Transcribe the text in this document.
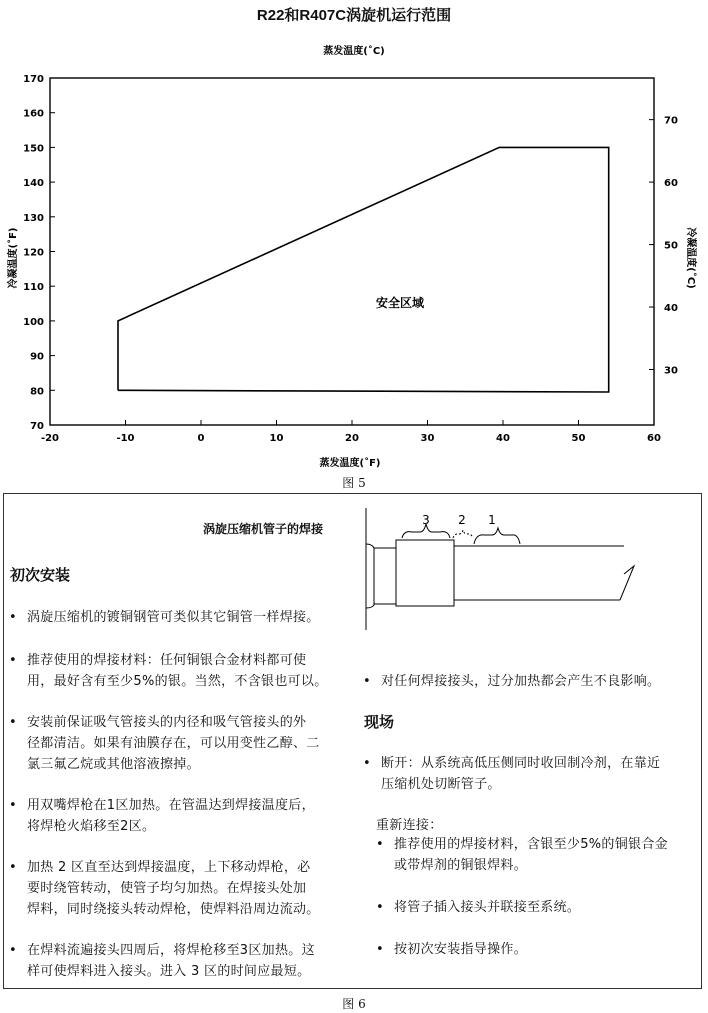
R22和R407C涡旋机运行范围
-20	-10	0	10	20	30	40	50	60
70
80
90
100
110
120
130
140
150
160
170
30
40
50
60
70
安全区域
蒸发温度(˚C)
蒸发温度(˚F)
冷凝温度(˚F)	冷凝温度(˚C)
图 5
涡旋压缩机管子的焊接
3 2 1
初次安装
• 涡旋压缩机的镀铜钢管可类似其它铜管一样焊接。
• 推荐使用的焊接材料：任何铜银合金材料都可使
用，最好含有至少5%的银。当然，不含银也可以。
• 安装前保证吸气管接头的内径和吸气管接头的外
径都清洁。如果有油膜存在，可以用变性乙醇、二
氯三氟乙烷或其他溶液擦掉。
• 用双嘴焊枪在1区加热。在管温达到焊接温度后，
将焊枪火焰移至2区。
• 加热 2 区直至达到焊接温度，上下移动焊枪，必
要时绕管转动，使管子均匀加热。在焊接头处加
焊料，同时绕接头转动焊枪，使焊料沿周边流动。
• 在焊料流遍接头四周后，将焊枪移至3区加热。这
样可使焊料进入接头。进入 3 区的时间应最短。
• 对任何焊接接头，过分加热都会产生不良影响。
现场
• 断开：从系统高低压侧同时收回制冷剂，在靠近
压缩机处切断管子。
• 推荐使用的焊接材料，含银至少5%的铜银合金
或带焊剂的铜银焊料。
• 将管子插入接头并联接至系统。
• 按初次安装指导操作。
重新连接：
图 6
